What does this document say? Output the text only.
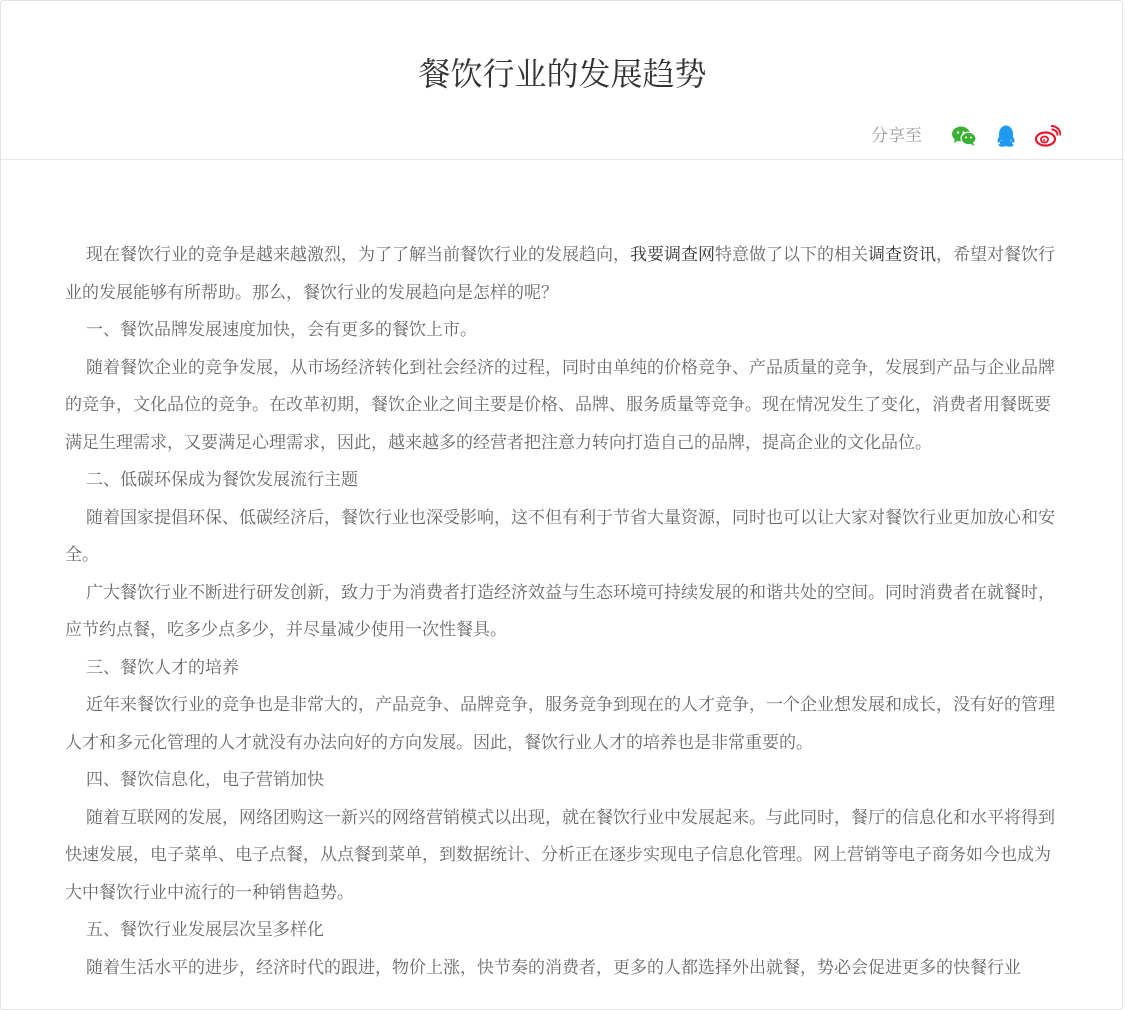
餐饮行业的发展趋势
分享至

现在餐饮行业的竞争是越来越激烈，为了了解当前餐饮行业的发展趋向，我要调查网特意做了以下的相关调查资讯，希望对餐饮行业的发展能够有所帮助。那么，餐饮行业的发展趋向是怎样的呢？

一、餐饮品牌发展速度加快，会有更多的餐饮上市。

随着餐饮企业的竞争发展，从市场经济转化到社会经济的过程，同时由单纯的价格竞争、产品质量的竞争，发展到产品与企业品牌的竞争，文化品位的竞争。在改革初期，餐饮企业之间主要是价格、品牌、服务质量等竞争。现在情况发生了变化，消费者用餐既要满足生理需求，又要满足心理需求，因此，越来越多的经营者把注意力转向打造自己的品牌，提高企业的文化品位。

二、低碳环保成为餐饮发展流行主题

随着国家提倡环保、低碳经济后，餐饮行业也深受影响，这不但有利于节省大量资源，同时也可以让大家对餐饮行业更加放心和安全。

广大餐饮行业不断进行研发创新，致力于为消费者打造经济效益与生态环境可持续发展的和谐共处的空间。同时消费者在就餐时，应节约点餐，吃多少点多少，并尽量减少使用一次性餐具。

三、餐饮人才的培养

近年来餐饮行业的竞争也是非常大的，产品竞争、品牌竞争，服务竞争到现在的人才竞争，一个企业想发展和成长，没有好的管理人才和多元化管理的人才就没有办法向好的方向发展。因此，餐饮行业人才的培养也是非常重要的。

四、餐饮信息化，电子营销加快

随着互联网的发展，网络团购这一新兴的网络营销模式以出现，就在餐饮行业中发展起来。与此同时，餐厅的信息化和水平将得到快速发展，电子菜单、电子点餐，从点餐到菜单，到数据统计、分析正在逐步实现电子信息化管理。网上营销等电子商务如今也成为大中餐饮行业中流行的一种销售趋势。

五、餐饮行业发展层次呈多样化

随着生活水平的进步，经济时代的跟进，物价上涨，快节奏的消费者，更多的人都选择外出就餐，势必会促进更多的快餐行业
